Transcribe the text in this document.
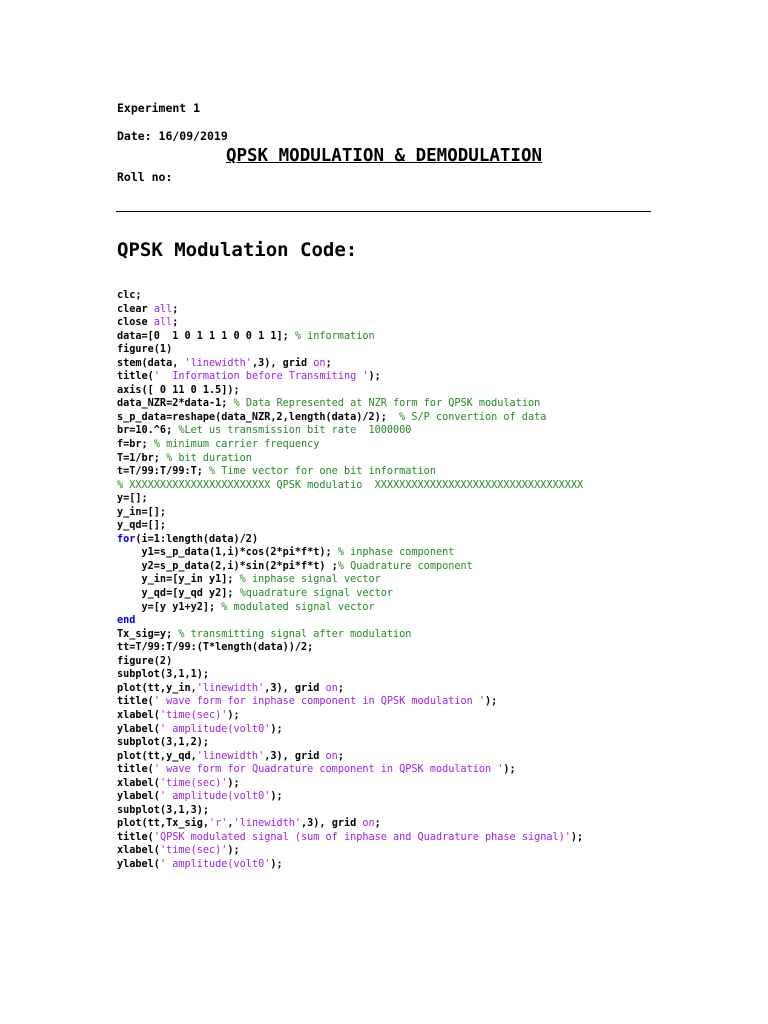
Experiment 1
Date: 16/09/2019
QPSK MODULATION & DEMODULATION
Roll no:
QPSK Modulation Code:
clc;
clear all;
close all;
data=[0  1 0 1 1 1 0 0 1 1]; % information
figure(1)
stem(data, 'linewidth',3), grid on;
title('  Information before Transmiting ');
axis([ 0 11 0 1.5]);
data_NZR=2*data-1; % Data Represented at NZR form for QPSK modulation
s_p_data=reshape(data_NZR,2,length(data)/2);  % S/P convertion of data
br=10.^6; %Let us transmission bit rate  1000000
f=br; % minimum carrier frequency
T=1/br; % bit duration
t=T/99:T/99:T; % Time vector for one bit information
% XXXXXXXXXXXXXXXXXXXXXXX QPSK modulatio  XXXXXXXXXXXXXXXXXXXXXXXXXXXXXXXXXX
y=[];
y_in=[];
y_qd=[];
for(i=1:length(data)/2)
y1=s_p_data(1,i)*cos(2*pi*f*t); % inphase component
y2=s_p_data(2,i)*sin(2*pi*f*t) ;% Quadrature component
y_in=[y_in y1]; % inphase signal vector
y_qd=[y_qd y2]; %quadrature signal vector
y=[y y1+y2]; % modulated signal vector
end
Tx_sig=y; % transmitting signal after modulation
tt=T/99:T/99:(T*length(data))/2;
figure(2)
subplot(3,1,1);
plot(tt,y_in,'linewidth',3), grid on;
title(' wave form for inphase component in QPSK modulation ');
xlabel('time(sec)');
ylabel(' amplitude(volt0');
subplot(3,1,2);
plot(tt,y_qd,'linewidth',3), grid on;
title(' wave form for Quadrature component in QPSK modulation ');
xlabel('time(sec)');
ylabel(' amplitude(volt0');
subplot(3,1,3);
plot(tt,Tx_sig,'r','linewidth',3), grid on;
title('QPSK modulated signal (sum of inphase and Quadrature phase signal)');
xlabel('time(sec)');
ylabel(' amplitude(volt0');
